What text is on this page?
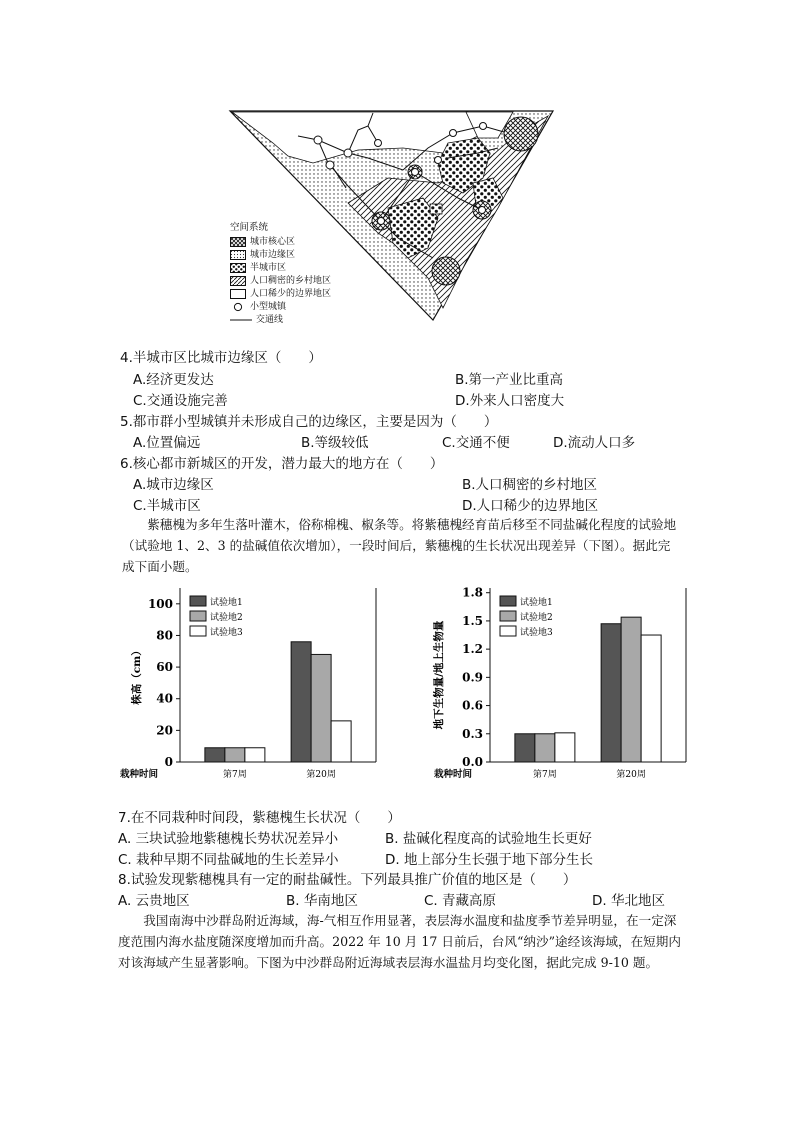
空间系统
城市核心区
城市边缘区
半城市区
人口稠密的乡村地区
人口稀少的边界地区
小型城镇
交通线
4.半城市区比城市边缘区（　　）
A.经济更发达	B.第一产业比重高
C.交通设施完善	D.外来人口密度大
5.都市群小型城镇并未形成自己的边缘区，主要是因为（　　）
A.位置偏远	B.等级较低	C.交通不便	D.流动人口多
6.核心都市新城区的开发，潜力最大的地方在（　　）
A.城市边缘区	B.人口稠密的乡村地区
C.半城市区	D.人口稀少的边界地区
紫穗槐为多年生落叶灌木，俗称棉槐、椒条等。将紫穗槐经育苗后移至不同盐碱化程度的试验地（试验地 1、2、3 的盐碱值依次增加），一段时间后，紫穗槐的生长状况出现差异（下图）。据此完成下面小题。
0
20
40
60
80
100
株高（cm）
栽种时间	第7周	第20周
试验地1
试验地2
试验地3
0.0
0.3
0.6
0.9
1.2
1.5
1.8
地下生物量/地上生物量
栽种时间	第7周	第20周
试验地1
试验地2
试验地3
7.在不同栽种时间段，紫穗槐生长状况（　　）
A. 三块试验地紫穗槐长势状况差异小	B. 盐碱化程度高的试验地生长更好
C. 栽种早期不同盐碱地的生长差异小	D. 地上部分生长强于地下部分生长
8.试验发现紫穗槐具有一定的耐盐碱性。下列最具推广价值的地区是（　　）
A. 云贵地区	B. 华南地区	C. 青藏高原	D. 华北地区
我国南海中沙群岛附近海域，海-气相互作用显著，表层海水温度和盐度季节差异明显，在一定深度范围内海水盐度随深度增加而升高。2022 年 10 月 17 日前后，台风“纳沙”途经该海域，在短期内对该海域产生显著影响。下图为中沙群岛附近海域表层海水温盐月均变化图，据此完成 9-10 题。
